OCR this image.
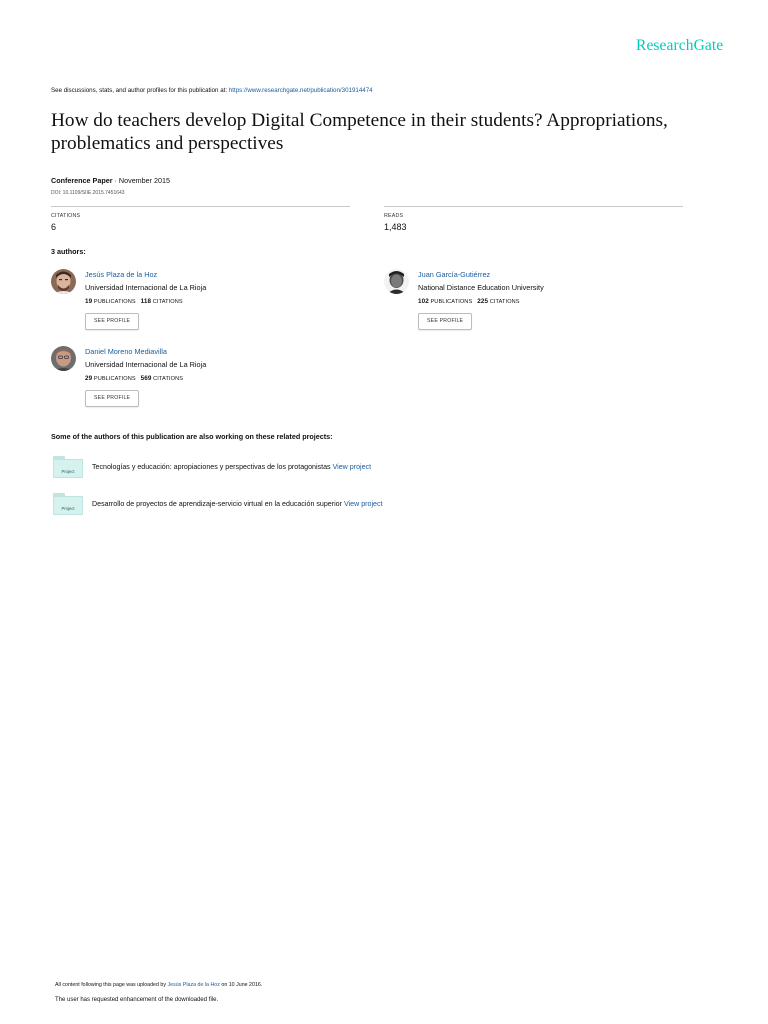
ResearchGate
See discussions, stats, and author profiles for this publication at: https://www.researchgate.net/publication/301914474
How do teachers develop Digital Competence in their students? Appropriations, problematics and perspectives
Conference Paper · November 2015
DOI: 10.1109/SIIE.2015.7451643
CITATIONS
6
READS
1,483
3 authors:
Jesús Plaza de la Hoz
Universidad Internacional de La Rioja
19 PUBLICATIONS 118 CITATIONS
SEE PROFILE
Juan García-Gutiérrez
National Distance Education University
102 PUBLICATIONS 225 CITATIONS
SEE PROFILE
Daniel Moreno Mediavilla
Universidad Internacional de La Rioja
29 PUBLICATIONS 569 CITATIONS
SEE PROFILE
Some of the authors of this publication are also working on these related projects:
Project
Tecnologías y educación: apropiaciones y perspectivas de los protagonistas View project
Project
Desarrollo de proyectos de aprendizaje-servicio virtual en la educación superior View project
All content following this page was uploaded by Jesús Plaza de la Hoz on 10 June 2016.
The user has requested enhancement of the downloaded file.
